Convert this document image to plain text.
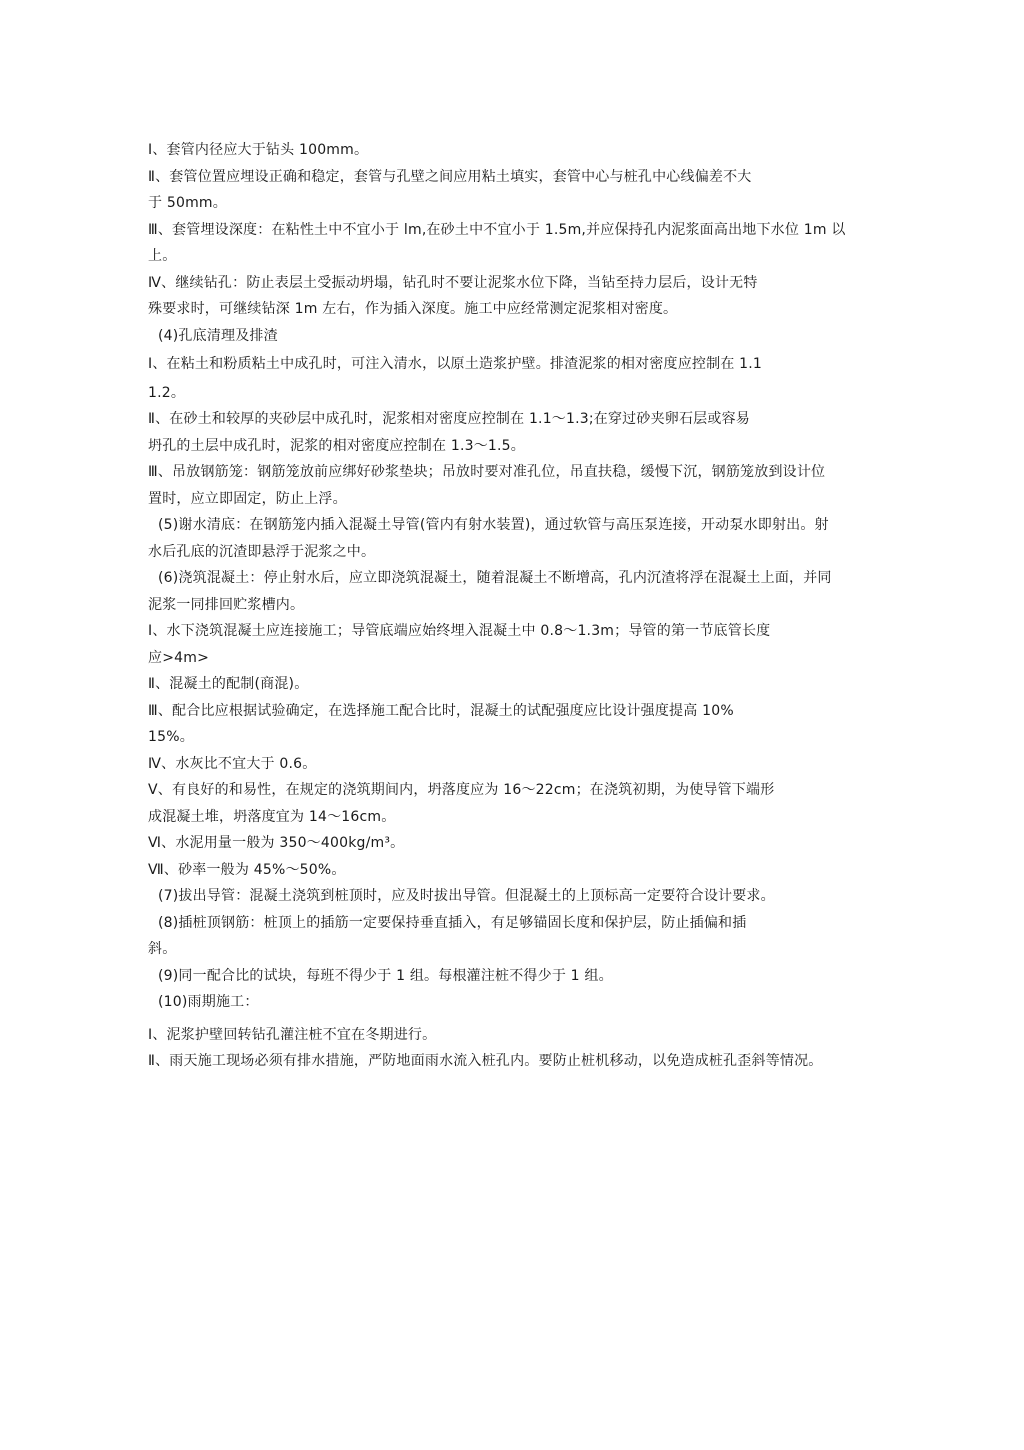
Ⅰ、套管内径应大于钻头 100mm。
Ⅱ、套管位置应埋设正确和稳定，套管与孔壁之间应用粘土填实，套管中心与桩孔中心线偏差不大
于 50mm。
Ⅲ、套管埋设深度：在粘性土中不宜小于 lm,在砂土中不宜小于 1.5m,并应保持孔内泥浆面高出地下水位 1m 以
上。
Ⅳ、继续钻孔：防止表层土受振动坍塌，钻孔时不要让泥浆水位下降，当钻至持力层后，设计无特
殊要求时，可继续钻深 1m 左右，作为插入深度。施工中应经常测定泥浆相对密度。
(4)孔底清理及排渣
Ⅰ、在粘土和粉质粘土中成孔时，可注入清水，以原土造浆护壁。排渣泥浆的相对密度应控制在 1.1
1.2。
Ⅱ、在砂土和较厚的夹砂层中成孔时，泥浆相对密度应控制在 1.1～1.3;在穿过砂夹卵石层或容易
坍孔的土层中成孔时，泥浆的相对密度应控制在 1.3～1.5。
Ⅲ、吊放钢筋笼：钢筋笼放前应绑好砂浆垫块；吊放时要对准孔位，吊直扶稳，缓慢下沉，钢筋笼放到设计位
置时，应立即固定，防止上浮。
(5)谢水清底：在钢筋笼内插入混凝土导管(管内有射水装置)，通过软管与高压泵连接，开动泵水即射出。射
水后孔底的沉渣即悬浮于泥浆之中。
(6)浇筑混凝土：停止射水后，应立即浇筑混凝土，随着混凝土不断增高，孔内沉渣将浮在混凝土上面，并同
泥浆一同排回贮浆槽内。
Ⅰ、水下浇筑混凝土应连接施工；导管底端应始终埋入混凝土中 0.8～1.3m；导管的第一节底管长度
应>4m>
Ⅱ、混凝土的配制(商混)。
Ⅲ、配合比应根据试验确定，在选择施工配合比时，混凝土的试配强度应比设计强度提高 10%
15%。
Ⅳ、水灰比不宜大于 0.6。
Ⅴ、有良好的和易性，在规定的浇筑期间内，坍落度应为 16～22cm；在浇筑初期，为使导管下端形
成混凝土堆，坍落度宜为 14～16cm。
Ⅵ、水泥用量一般为 350～400kg/m³。
Ⅶ、砂率一般为 45%～50%。
(7)拔出导管：混凝土浇筑到桩顶时，应及时拔出导管。但混凝土的上顶标高一定要符合设计要求。
(8)插桩顶钢筋：桩顶上的插筋一定要保持垂直插入，有足够锚固长度和保护层，防止插偏和插
斜。
(9)同一配合比的试块，每班不得少于 1 组。每根灌注桩不得少于 1 组。
(10)雨期施工：
Ⅰ、泥浆护壁回转钻孔灌注桩不宜在冬期进行。
Ⅱ、雨天施工现场必须有排水措施，严防地面雨水流入桩孔内。要防止桩机移动，以免造成桩孔歪斜等情况。
